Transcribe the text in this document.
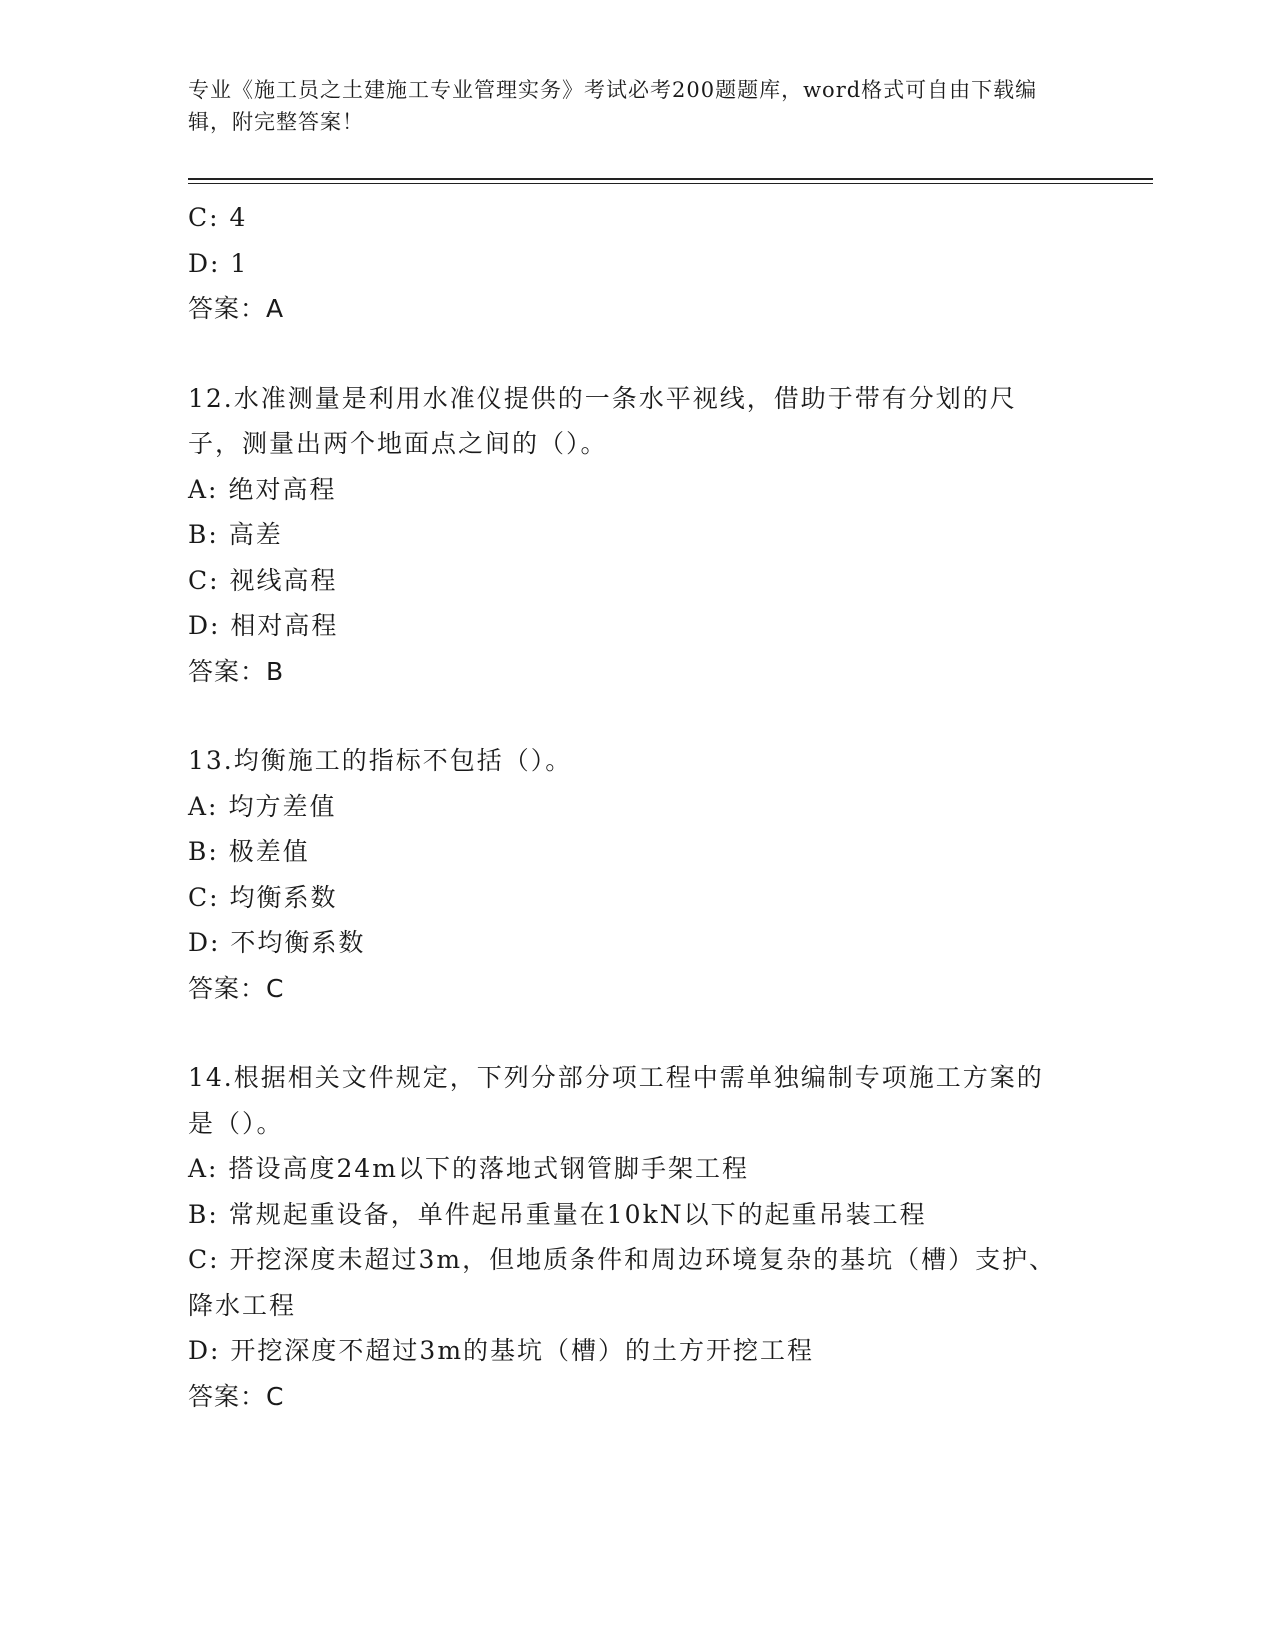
专业《施工员之土建施工专业管理实务》考试必考200题题库，word格式可自由下载编辑，附完整答案！
C: 4
D: 1
答案：A
12.水准测量是利用水准仪提供的一条水平视线，借助于带有分划的尺子，测量出两个地面点之间的（）。
A: 绝对高程
B: 高差
C: 视线高程
D: 相对高程
答案：B
13.均衡施工的指标不包括（）。
A: 均方差值
B: 极差值
C: 均衡系数
D: 不均衡系数
答案：C
14.根据相关文件规定，下列分部分项工程中需单独编制专项施工方案的是（）。
A: 搭设高度24m以下的落地式钢管脚手架工程
B: 常规起重设备，单件起吊重量在10kN以下的起重吊装工程
C: 开挖深度未超过3m，但地质条件和周边环境复杂的基坑（槽）支护、降水工程
D: 开挖深度不超过3m的基坑（槽）的土方开挖工程
答案：C
